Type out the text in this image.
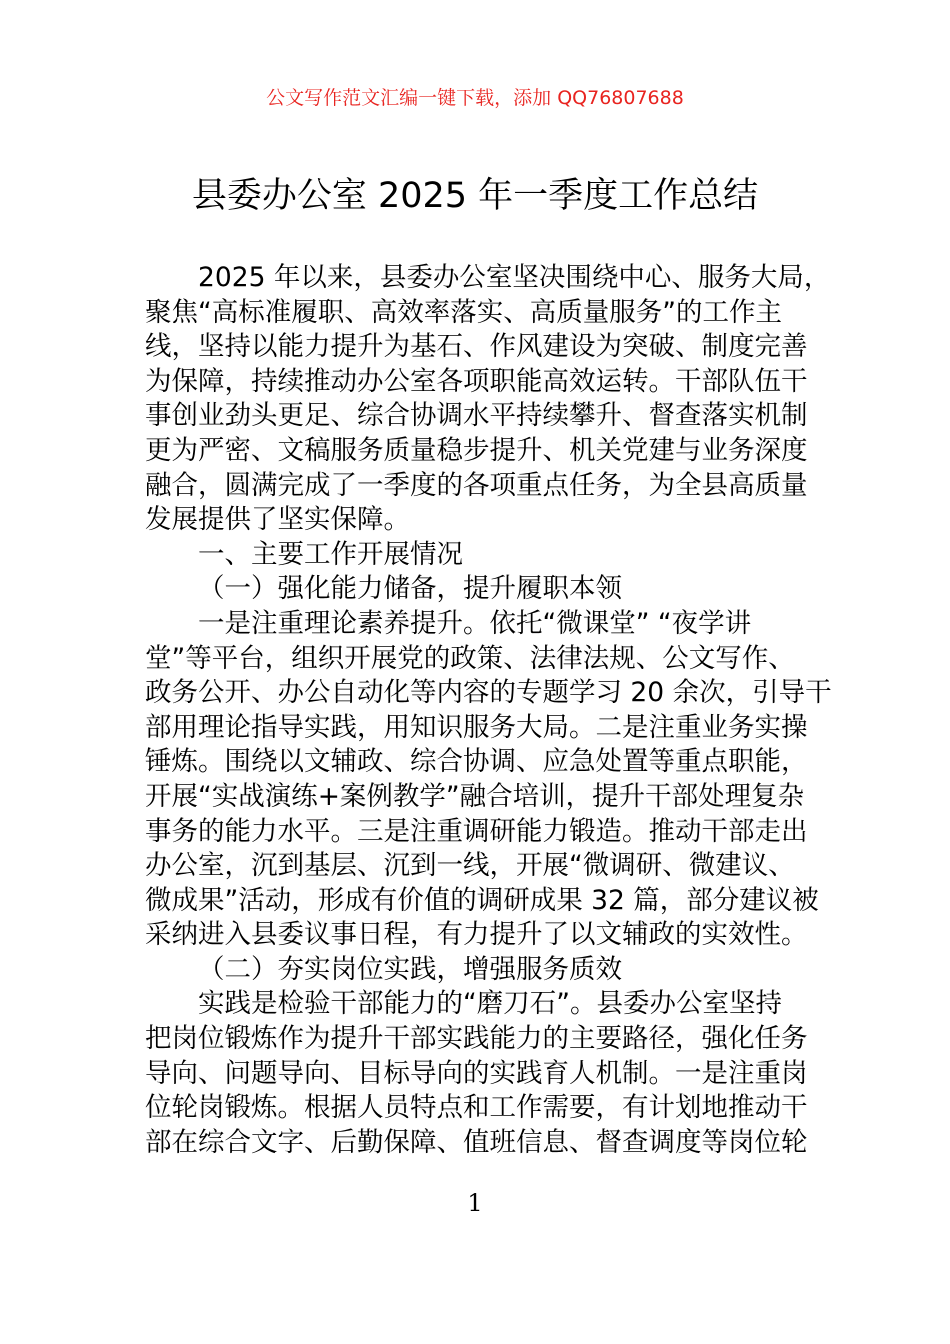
公文写作范文汇编一键下载，添加 QQ76807688
县委办公室 2025 年一季度工作总结
2025 年以来，县委办公室坚决围绕中心、服务大局，
聚焦“高标准履职、高效率落实、高质量服务”的工作主
线，坚持以能力提升为基石、作风建设为突破、制度完善
为保障，持续推动办公室各项职能高效运转。干部队伍干
事创业劲头更足、综合协调水平持续攀升、督查落实机制
更为严密、文稿服务质量稳步提升、机关党建与业务深度
融合，圆满完成了一季度的各项重点任务，为全县高质量
发展提供了坚实保障。
一、主要工作开展情况
（一）强化能力储备，提升履职本领
一是注重理论素养提升。依托“微课堂” “夜学讲
堂”等平台，组织开展党的政策、法律法规、公文写作、
政务公开、办公自动化等内容的专题学习 20 余次，引导干
部用理论指导实践，用知识服务大局。二是注重业务实操
锤炼。围绕以文辅政、综合协调、应急处置等重点职能，
开展“实战演练+案例教学”融合培训，提升干部处理复杂
事务的能力水平。三是注重调研能力锻造。推动干部走出
办公室，沉到基层、沉到一线，开展“微调研、微建议、
微成果”活动，形成有价值的调研成果 32 篇，部分建议被
采纳进入县委议事日程，有力提升了以文辅政的实效性。
（二）夯实岗位实践，增强服务质效
实践是检验干部能力的“磨刀石”。县委办公室坚持
把岗位锻炼作为提升干部实践能力的主要路径，强化任务
导向、问题导向、目标导向的实践育人机制。一是注重岗
位轮岗锻炼。根据人员特点和工作需要，有计划地推动干
部在综合文字、后勤保障、值班信息、督查调度等岗位轮
1
